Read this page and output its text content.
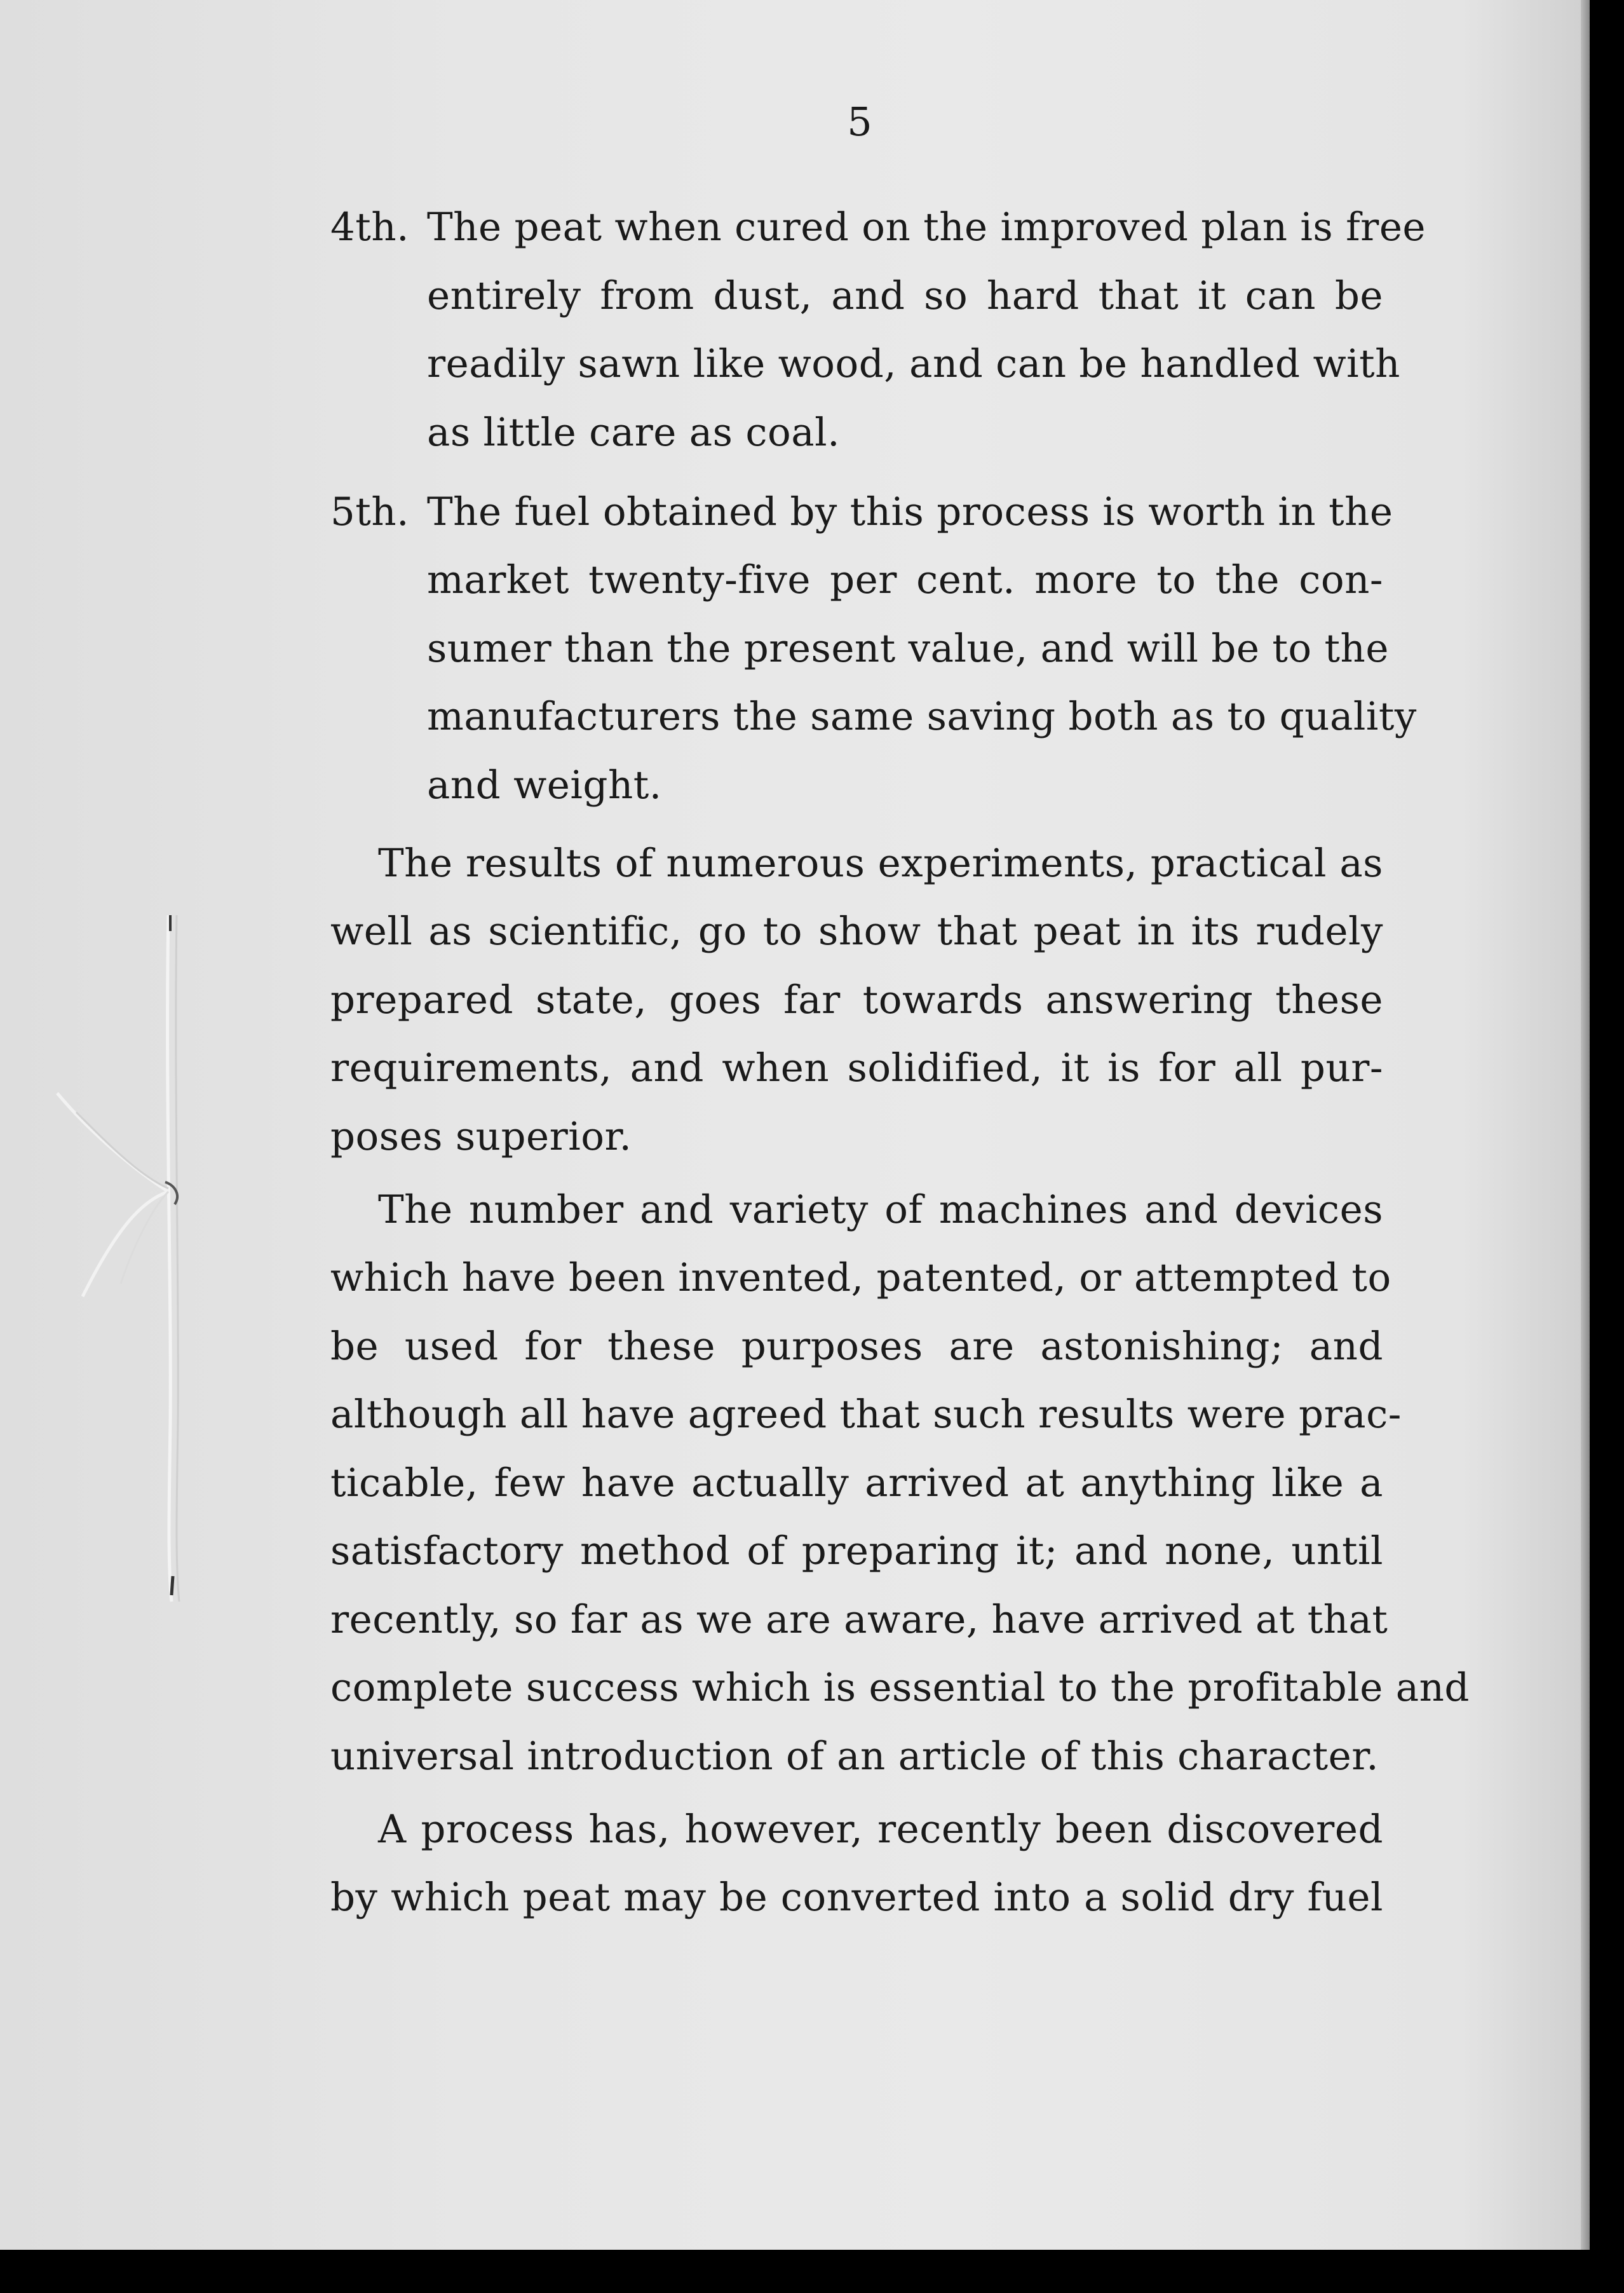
5
4th. The peat when cured on the improved plan is free
entirely from dust, and so hard that it can be
readily sawn like wood, and can be handled with
as little care as coal.
5th. The fuel obtained by this process is worth in the
market twenty-five per cent. more to the con-
sumer than the present value, and will be to the
manufacturers the same saving both as to quality
and weight.
The results of numerous experiments, practical as
well as scientific, go to show that peat in its rudely
prepared state, goes far towards answering these
requirements, and when solidified, it is for all pur-
poses superior.
The number and variety of machines and devices
which have been invented, patented, or attempted to
be used for these purposes are astonishing; and
although all have agreed that such results were prac-
ticable, few have actually arrived at anything like a
satisfactory method of preparing it; and none, until
recently, so far as we are aware, have arrived at that
complete success which is essential to the profitable and
universal introduction of an article of this character.
A process has, however, recently been discovered
by which peat may be converted into a solid dry fuel
